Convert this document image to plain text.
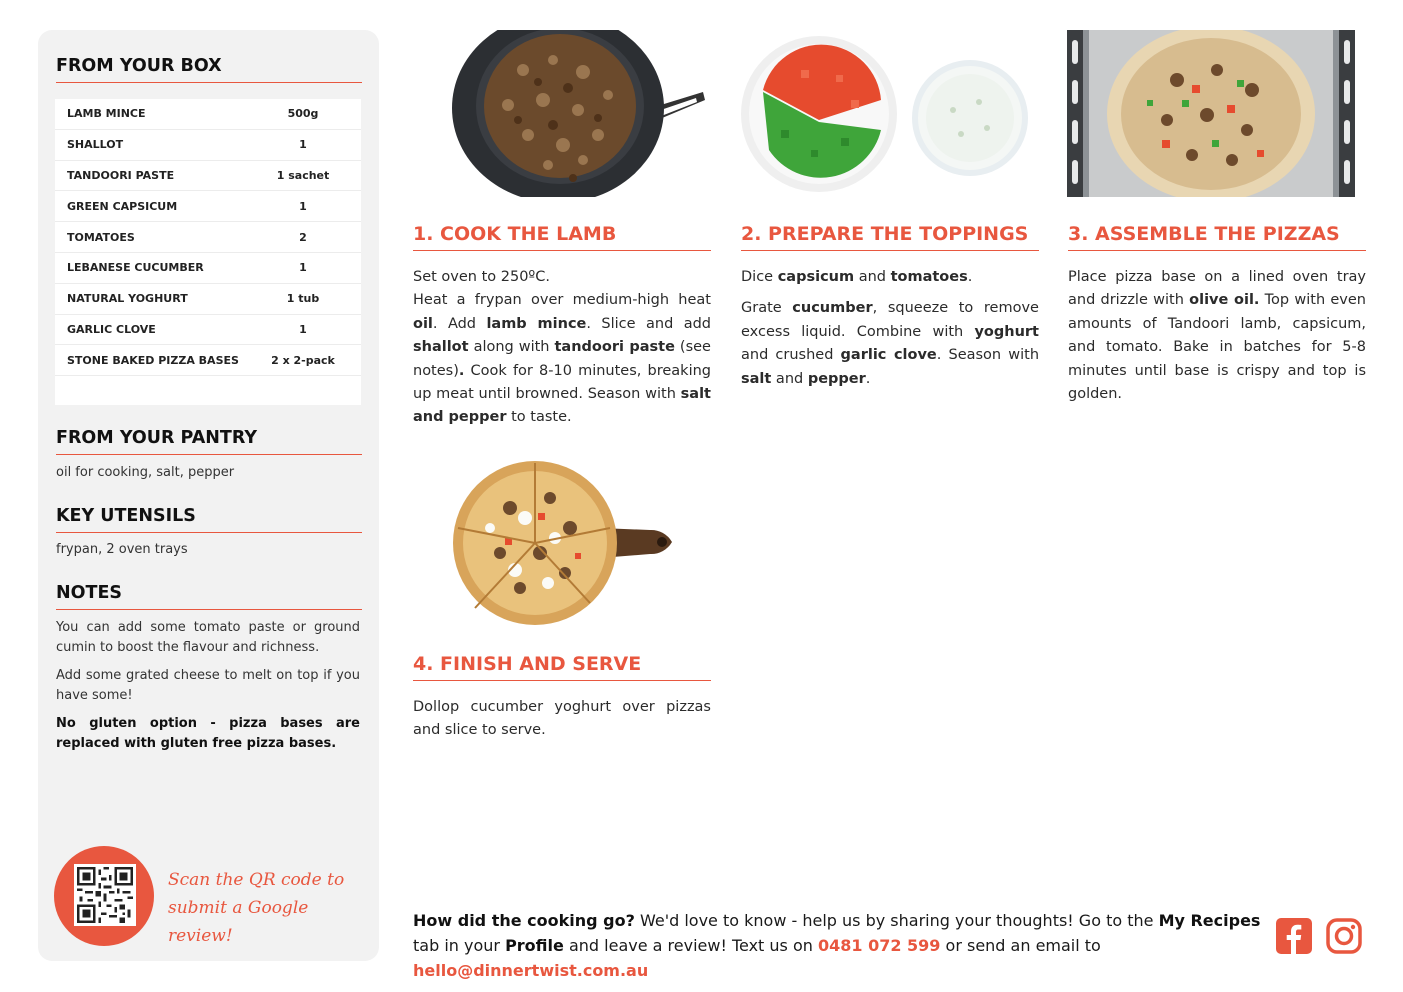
FROM YOUR BOX
LAMB MINCE	500g
SHALLOT	1
TANDOORI PASTE	1 sachet
GREEN CAPSICUM	1
TOMATOES	2
LEBANESE CUCUMBER	1
NATURAL YOGHURT	1 tub
GARLIC CLOVE	1
STONE BAKED PIZZA BASES	2 x 2-pack
FROM YOUR PANTRY
oil for cooking, salt, pepper
KEY UTENSILS
frypan, 2 oven trays
NOTES

You can add some tomato paste or ground cumin to boost the flavour and richness.

Add some grated cheese to melt on top if you have some!

No gluten option - pizza bases are replaced with gluten free pizza bases.

Scan the QR code to
submit a Google review!
1. COOK THE LAMB
Set oven to 250ºC.
Heat a frypan over medium-high heat oil. Add lamb mince. Slice and add shallot along with tandoori paste (see notes). Cook for 8-10 minutes, breaking up meat until browned. Season with salt and pepper to taste.
2. PREPARE THE TOPPINGS

Dice capsicum and tomatoes.

Grate cucumber, squeeze to remove excess liquid. Combine with yoghurt and crushed garlic clove. Season with salt and pepper.

3. ASSEMBLE THE PIZZAS
Place pizza base on a lined oven tray and drizzle with olive oil. Top with even amounts of Tandoori lamb, capsicum, and tomato. Bake in batches for 5-8 minutes until base is crispy and top is golden.
4. FINISH AND SERVE
Dollop cucumber yoghurt over pizzas and slice to serve.
How did the cooking go? We'd love to know - help us by sharing your thoughts! Go to the My Recipes tab in your Profile and leave a review! Text us on 0481 072 599 or send an email to hello@dinnertwist.com.au
